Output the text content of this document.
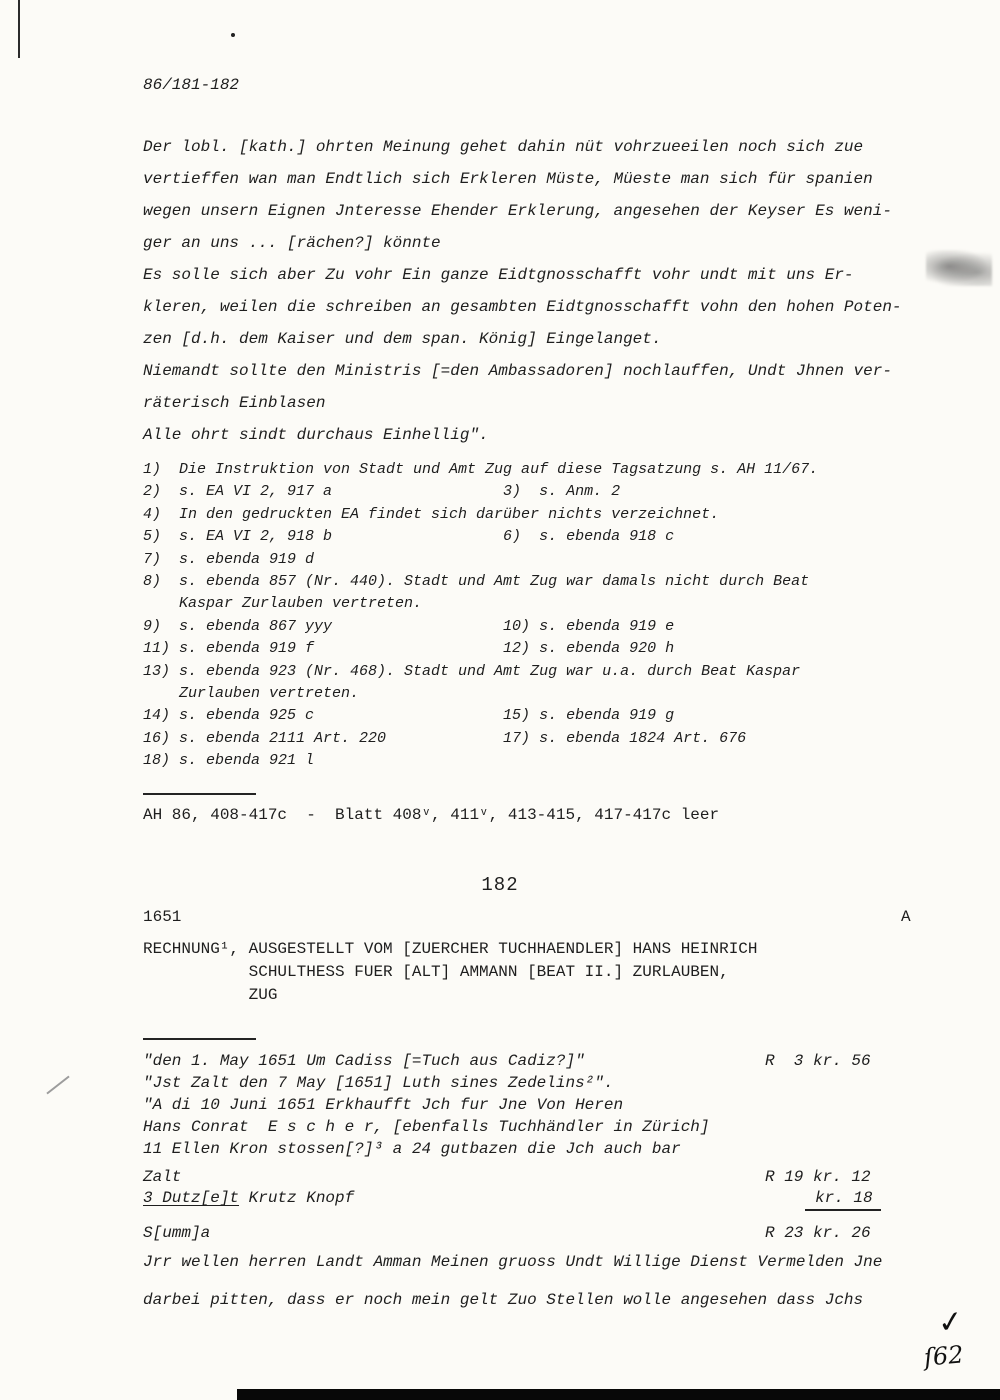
86/181-182
Der lobl. [kath.] ohrten Meinung gehet dahin nüt vohrzueeilen noch sich zue
vertieffen wan man Endtlich sich Erkleren Müste, Müeste man sich für spanien
wegen unsern Eignen Jnteresse Ehender Erklerung, angesehen der Keyser Es weni-
ger an uns ... [rächen?] könnte
Es solle sich aber Zu vohr Ein ganze Eidtgnosschafft vohr undt mit uns Er-
kleren, weilen die schreiben an gesambten Eidtgnosschafft vohn den hohen Poten-
zen [d.h. dem Kaiser und dem span. König] Eingelanget.
Niemandt sollte den Ministris [=den Ambassadoren] nochlauffen, Undt Jhnen ver-
räterisch Einblasen
Alle ohrt sindt durchaus Einhellig".
1)  Die Instruktion von Stadt und Amt Zug auf diese Tagsatzung s. AH 11/67.
2)  s. EA VI 2, 917 a                   3)  s. Anm. 2
4)  In den gedruckten EA findet sich darüber nichts verzeichnet.
5)  s. EA VI 2, 918 b                   6)  s. ebenda 918 c
7)  s. ebenda 919 d
8)  s. ebenda 857 (Nr. 440). Stadt und Amt Zug war damals nicht durch Beat
Kaspar Zurlauben vertreten.
9)  s. ebenda 867 yyy                   10) s. ebenda 919 e
11) s. ebenda 919 f                     12) s. ebenda 920 h
13) s. ebenda 923 (Nr. 468). Stadt und Amt Zug war u.a. durch Beat Kaspar
Zurlauben vertreten.
14) s. ebenda 925 c                     15) s. ebenda 919 g
16) s. ebenda 2111 Art. 220             17) s. ebenda 1824 Art. 676
18) s. ebenda 921 l
AH 86, 408-417c  -  Blatt 408ᵛ, 411ᵛ, 413-415, 417-417c leer
182
1651	A
RECHNUNG¹, AUSGESTELLT VOM [ZUERCHER TUCHHAENDLER] HANS HEINRICH
SCHULTHESS FUER [ALT] AMMANN [BEAT II.] ZURLAUBEN,
ZUG
"den 1. May 1651 Um Cadiss [=Tuch aus Cadiz?]"	R  3 kr. 56
"Jst Zalt den 7 May [1651] Luth sines Zedelins²".
"A di 10 Juni 1651 Erkhaufft Jch fur Jne Von Heren
Hans Conrat  E s c h e r, [ebenfalls Tuchhändler in Zürich]
11 Ellen Kron stossen[?]³ a 24 gutbazen die Jch auch bar
Zalt	R 19 kr. 12
3 Dutz[e]t Krutz Knopf	kr. 18
S[umm]a	R 23 kr. 26
Jrr wellen herren Landt Amman Meinen gruoss Undt Willige Dienst Vermelden Jne
darbei pitten, dass er noch mein gelt Zuo Stellen wolle angesehen dass Jchs
✓
ſ62
